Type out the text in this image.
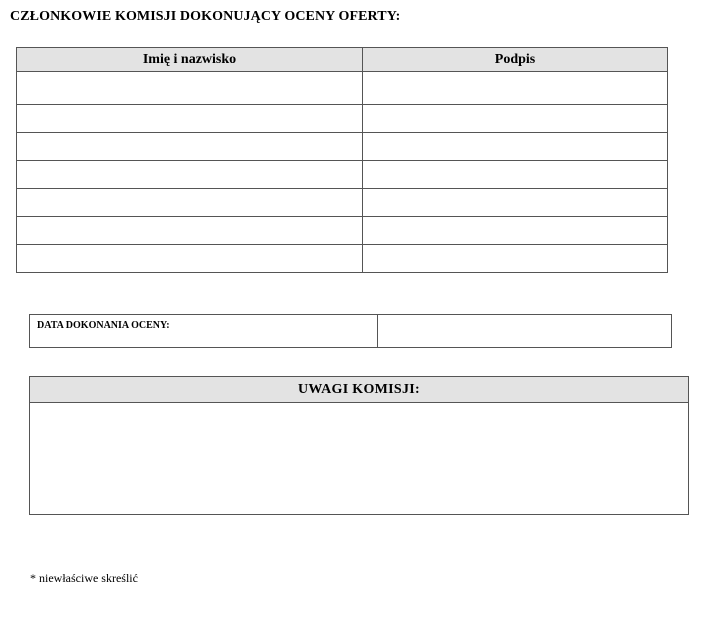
CZŁONKOWIE KOMISJI DOKONUJĄCY OCENY OFERTY:
Imię i nazwisko	Podpis

DATA DOKONANIA OCENY:	
UWAGI KOMISJI:
* niewłaściwe skreślić
